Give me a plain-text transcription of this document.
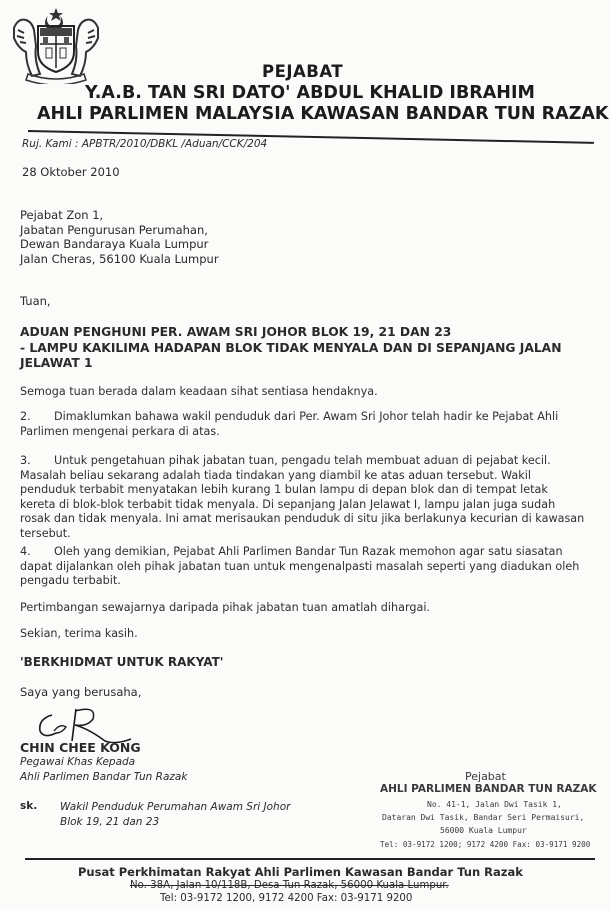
PEJABAT
Y.A.B. TAN SRI DATO' ABDUL KHALID IBRAHIM
AHLI PARLIMEN MALAYSIA KAWASAN BANDAR TUN RAZAK
Ruj. Kami : APBTR/2010/DBKL /Aduan/CCK/204
28 Oktober 2010
Pejabat Zon 1,
Jabatan Pengurusan Perumahan,
Dewan Bandaraya Kuala Lumpur
Jalan Cheras, 56100 Kuala Lumpur
Tuan,
ADUAN PENGHUNI PER. AWAM SRI JOHOR BLOK 19, 21 DAN 23
- LAMPU KAKILIMA HADAPAN BLOK TIDAK MENYALA DAN DI SEPANJANG JALAN
JELAWAT 1
Semoga tuan berada dalam keadaan sihat sentiasa hendaknya.
2. Dimaklumkan bahawa wakil penduduk dari Per. Awam Sri Johor telah hadir ke Pejabat Ahli Parlimen mengenai perkara di atas.
3. Untuk pengetahuan pihak jabatan tuan, pengadu telah membuat aduan di pejabat kecil. Masalah beliau sekarang adalah tiada tindakan yang diambil ke atas aduan tersebut. Wakil penduduk terbabit menyatakan lebih kurang 1 bulan lampu di depan blok dan di tempat letak kereta di blok-blok terbabit tidak menyala. Di sepanjang Jalan Jelawat I, lampu jalan juga sudah rosak dan tidak menyala. Ini amat merisaukan penduduk di situ jika berlakunya kecurian di kawasan tersebut.
4. Oleh yang demikian, Pejabat Ahli Parlimen Bandar Tun Razak memohon agar satu siasatan dapat dijalankan oleh pihak jabatan tuan untuk mengenalpasti masalah seperti yang diadukan oleh pengadu terbabit.
Pertimbangan sewajarnya daripada pihak jabatan tuan amatlah dihargai.
Sekian, terima kasih.
'BERKHIDMAT UNTUK RAKYAT'
Saya yang berusaha,
CHIN CHEE KONG
Pegawai Khas Kepada
Ahli Parlimen Bandar Tun Razak
sk. Wakil Penduduk Perumahan Awam Sri Johor
Blok 19, 21 dan 23
Pejabat
AHLI PARLIMEN BANDAR TUN RAZAK
No. 41-1, Jalan Dwi Tasik 1,
Dataran Dwi Tasik, Bandar Seri Permaisuri,
56000 Kuala Lumpur
Tel: 03-9172 1200; 9172 4200 Fax: 03-9171 9200
Pusat Perkhimatan Rakyat Ahli Parlimen Kawasan Bandar Tun Razak
No. 38A, Jalan 10/118B, Desa Tun Razak, 56000 Kuala Lumpur.
Tel: 03-9172 1200, 9172 4200 Fax: 03-9171 9200
